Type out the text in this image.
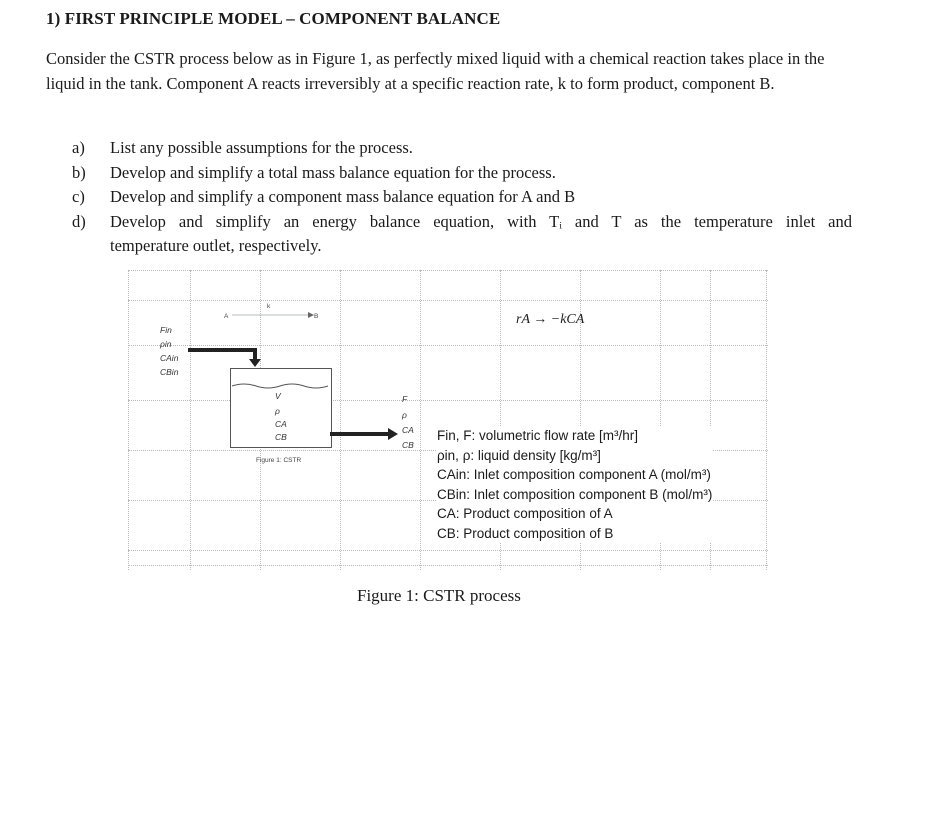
1) FIRST PRINCIPLE MODEL – COMPONENT BALANCE
Consider the CSTR process below as in Figure 1, as perfectly mixed liquid with a chemical reaction takes place in the liquid in the tank. Component A reacts irreversibly at a specific reaction rate, k to form product, component B.
a)	List any possible assumptions for the process.
b)	Develop and simplify a total mass balance equation for the process.
c)	Develop and simplify a component mass balance equation for A and B
d)	Develop and simplify an energy balance equation, with Tᵢ and T as the temperature inlet and
temperature outlet, respectively.
Fin
ρin
CAin
CBin
A
k
B
V
ρ
CA
CB
Figure 1: CSTR
F
ρ
CA
CB
rA → −kCA
Fin, F: volumetric flow rate [m³/hr]
ρin, ρ: liquid density [kg/m³]
CAin: Inlet composition component A (mol/m³)
CBin: Inlet composition component B (mol/m³)
CA: Product composition of A
CB: Product composition of B
Figure 1: CSTR process
